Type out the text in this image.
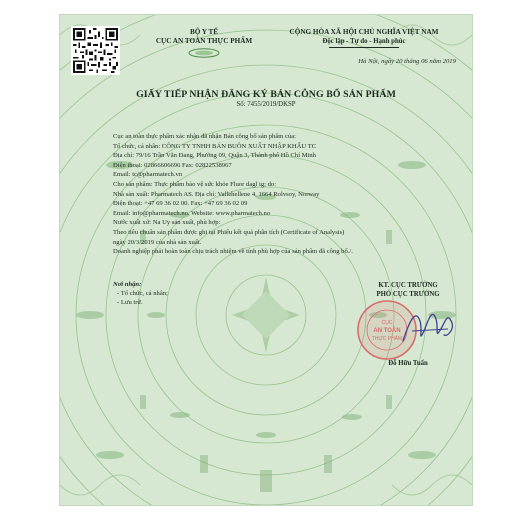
BỘ Y TẾ
CỤC AN TOÀN THỰC PHẨM
CỘNG HÒA XÃ HỘI CHỦ NGHĨA VIỆT NAM
Độc lập - Tự do - Hạnh phúc
Hà Nội, ngày 20 tháng 06 năm 2019
GIẤY TIẾP NHẬN ĐĂNG KÝ BẢN CÔNG BỐ SẢN PHẨM
Số: 7455/2019/DKSP
Cục an toàn thực phẩm xác nhận đã nhận Bản công bố sản phẩm của:
Tổ chức, cá nhân: CÔNG TY TNHH BÁN BUÔN XUẤT NHẬP KHẨU TC
Địa chỉ: 79/16 Trần Văn Đang, Phường 09, Quận 3, Thành phố Hồ Chí Minh
Điện thoại: 02866606696 Fax: 02822538967
Email: tc@pharmatech.vn
Cho sản phẩm: Thực phẩm bảo vệ sức khỏe Fluor dagl ig; do:
Nhà sản xuất: Pharmatech AS. Địa chỉ: Vallehellene 4, 1664 Rolvsoy, Norway
Điện thoại: +47 69 36 02 00. Fax: +47 69 36 02 09
Email: info@pharmatech.no. Website: www.pharmatech.no
Nước xuất xứ: Na Uy sản xuất, phù hợp:
Theo tiêu chuẩn sản phẩm được ghi tại Phiếu kết quả phân tích (Certificate of Analysis)
ngày 20/3/2019 của nhà sản xuất.
Doanh nghiệp phải hoàn toàn chịu trách nhiệm về tính phù hợp của sản phẩm đã công bố./.
Nơi nhận:
- Tổ chức, cá nhân;
- Lưu trữ.
KT. CỤC TRƯỞNG
PHÓ CỤC TRƯỞNG
CỤC
AN TOÀN
THỰC PHẨM
Đỗ Hữu Tuấn
